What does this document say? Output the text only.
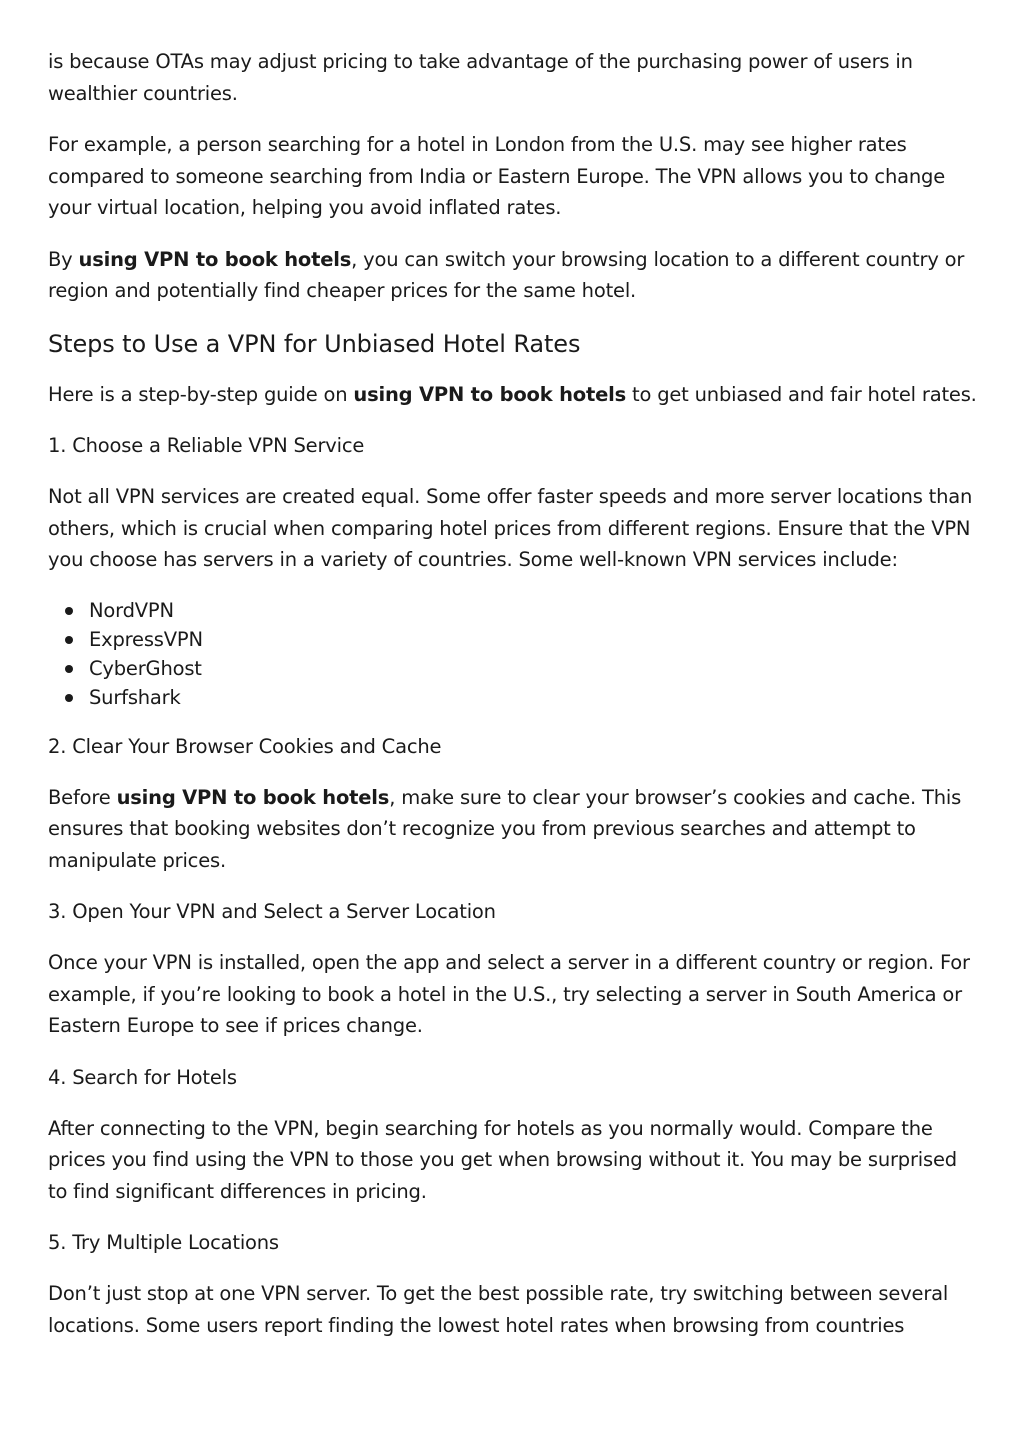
is because OTAs may adjust pricing to take advantage of the purchasing power of users in wealthier countries.

For example, a person searching for a hotel in London from the U.S. may see higher rates compared to someone searching from India or Eastern Europe. The VPN allows you to change your virtual location, helping you avoid inflated rates.

By using VPN to book hotels, you can switch your browsing location to a different country or region and potentially find cheaper prices for the same hotel.

Steps to Use a VPN for Unbiased Hotel Rates

Here is a step-by-step guide on using VPN to book hotels to get unbiased and fair hotel rates.

1. Choose a Reliable VPN Service

Not all VPN services are created equal. Some offer faster speeds and more server locations than others, which is crucial when comparing hotel prices from different regions. Ensure that the VPN you choose has servers in a variety of countries. Some well-known VPN services include:

NordVPN
ExpressVPN
CyberGhost
Surfshark
2. Clear Your Browser Cookies and Cache

Before using VPN to book hotels, make sure to clear your browser’s cookies and cache. This ensures that booking websites don’t recognize you from previous searches and attempt to manipulate prices.

3. Open Your VPN and Select a Server Location

Once your VPN is installed, open the app and select a server in a different country or region. For example, if you’re looking to book a hotel in the U.S., try selecting a server in South America or Eastern Europe to see if prices change.

4. Search for Hotels

After connecting to the VPN, begin searching for hotels as you normally would. Compare the prices you find using the VPN to those you get when browsing without it. You may be surprised to find significant differences in pricing.

5. Try Multiple Locations

Don’t just stop at one VPN server. To get the best possible rate, try switching between several locations. Some users report finding the lowest hotel rates when browsing from countries
